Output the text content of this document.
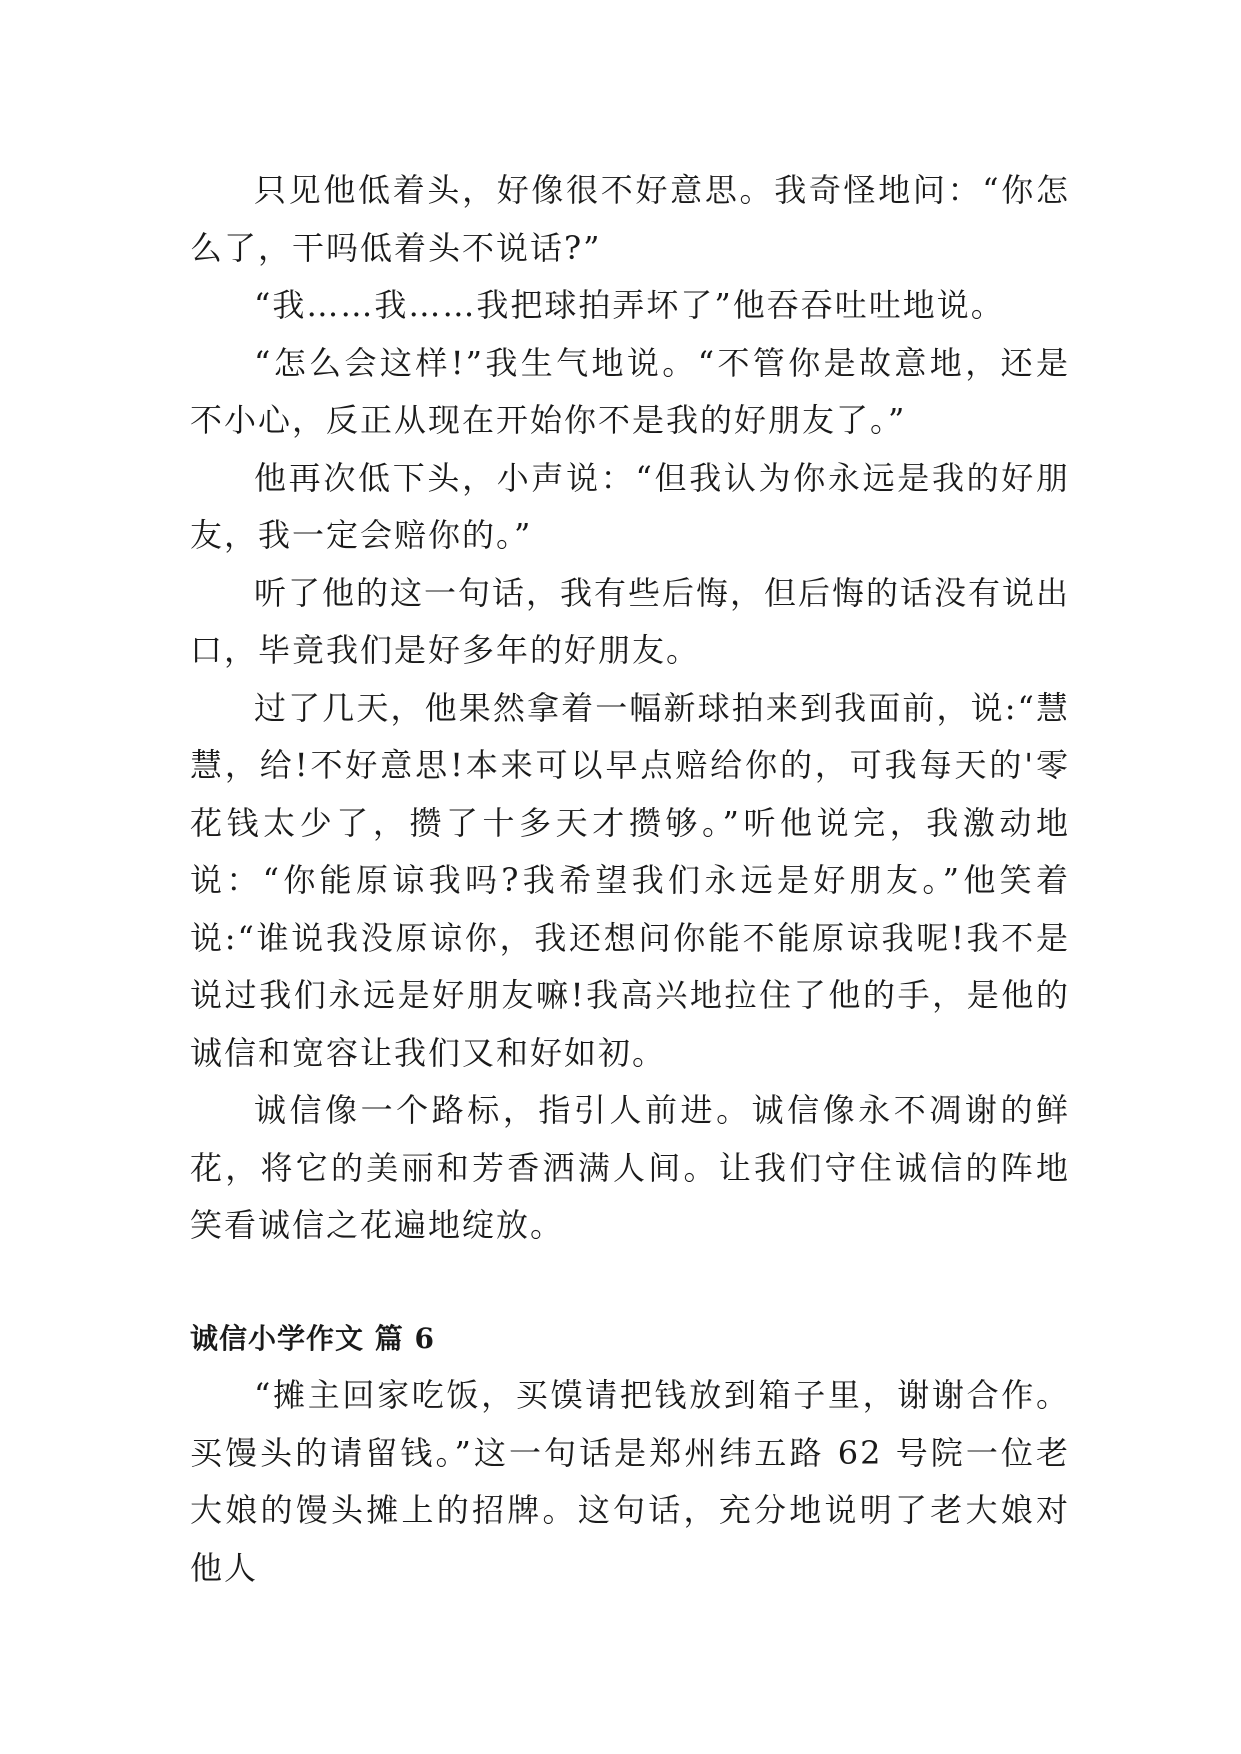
只见他低着头，好像很不好意思。我奇怪地问：“你怎么了，干吗低着头不说话?”

“我……我……我把球拍弄坏了”他吞吞吐吐地说。

“怎么会这样!”我生气地说。“不管你是故意地，还是不小心，反正从现在开始你不是我的好朋友了。”

他再次低下头，小声说：“但我认为你永远是我的好朋友，我一定会赔你的。”

听了他的这一句话，我有些后悔，但后悔的话没有说出口，毕竟我们是好多年的好朋友。

过了几天，他果然拿着一幅新球拍来到我面前，说:“慧慧，给!不好意思!本来可以早点赔给你的，可我每天的'零花钱太少了，攒了十多天才攒够。”听他说完，我激动地说：“你能原谅我吗?我希望我们永远是好朋友。”他笑着说:“谁说我没原谅你，我还想问你能不能原谅我呢!我不是说过我们永远是好朋友嘛!我高兴地拉住了他的手，是他的诚信和宽容让我们又和好如初。

诚信像一个路标，指引人前进。诚信像永不凋谢的鲜花，将它的美丽和芳香洒满人间。让我们守住诚信的阵地笑看诚信之花遍地绽放。

诚信小学作文 篇 6

“摊主回家吃饭，买馍请把钱放到箱子里，谢谢合作。买馒头的请留钱。”这一句话是郑州纬五路 62 号院一位老大娘的馒头摊上的招牌。这句话，充分地说明了老大娘对他人
